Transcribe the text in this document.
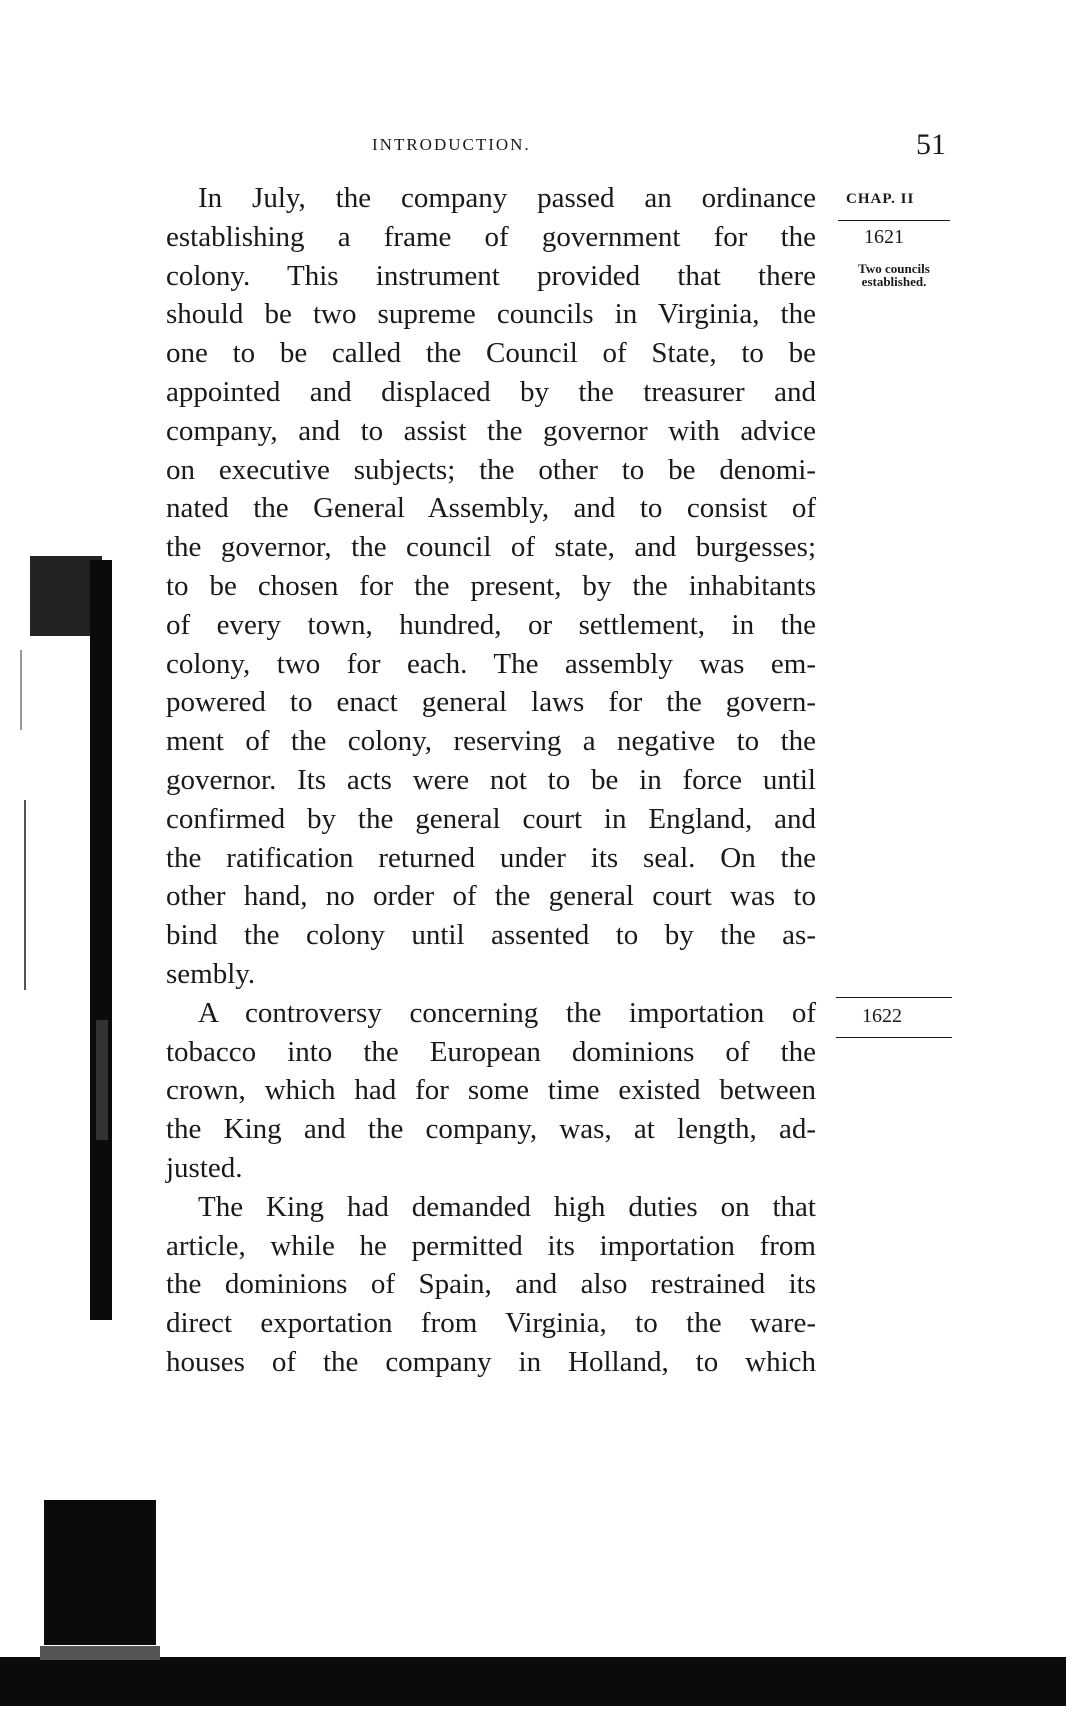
INTRODUCTION.	51
CHAP. II
1621
Two councils
established.
1622
In July, the company passed an ordinance
establishing a frame of government for the
colony. This instrument provided that there
should be two supreme councils in Virginia, the
one to be called the Council of State, to be
appointed and displaced by the treasurer and
company, and to assist the governor with advice
on executive subjects; the other to be denomi-
nated the General Assembly, and to consist of
the governor, the council of state, and burgesses;
to be chosen for the present, by the inhabitants
of every town, hundred, or settlement, in the
colony, two for each. The assembly was em-
powered to enact general laws for the govern-
ment of the colony, reserving a negative to the
governor. Its acts were not to be in force until
confirmed by the general court in England, and
the ratification returned under its seal. On the
other hand, no order of the general court was to
bind the colony until assented to by the as-
sembly.
A controversy concerning the importation of
tobacco into the European dominions of the
crown, which had for some time existed between
the King and the company, was, at length, ad-
justed.
The King had demanded high duties on that
article, while he permitted its importation from
the dominions of Spain, and also restrained its
direct exportation from Virginia, to the ware-
houses of the company in Holland, to which
